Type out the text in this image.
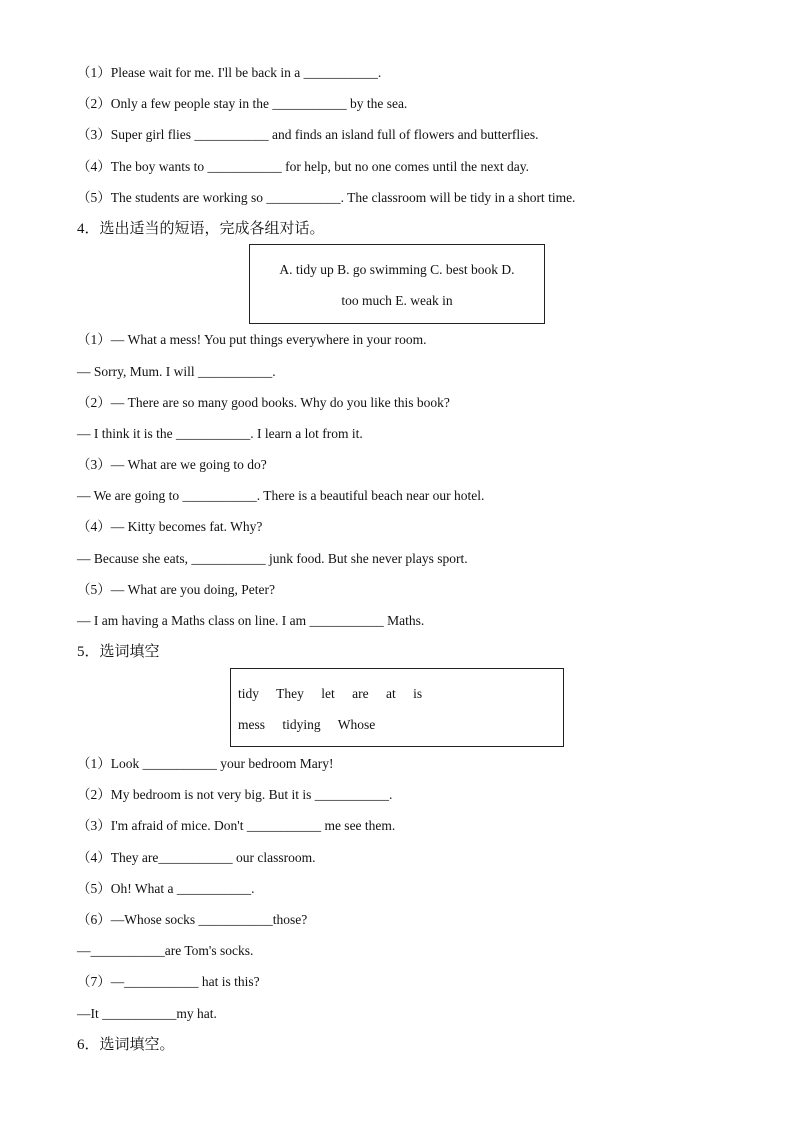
（1）Please wait for me. I'll be back in a ___________.
（2）Only a few people stay in the ___________ by the sea.
（3）Super girl flies ___________ and finds an island full of flowers and butterflies.
（4）The boy wants to ___________ for help, but no one comes until the next day.
（5）The students are working so ___________. The classroom will be tidy in a short time.
4．选出适当的短语，完成各组对话。
A. tidy up B. go swimming C. best book D.
too much E. weak in
（1）— What a mess! You put things everywhere in your room.
— Sorry, Mum. I will ___________.
（2）— There are so many good books. Why do you like this book?
— I think it is the ___________. I learn a lot from it.
（3）— What are we going to do?
— We are going to ___________. There is a beautiful beach near our hotel.
（4）— Kitty becomes fat. Why?
— Because she eats, ___________ junk food. But she never plays sport.
（5）— What are you doing, Peter?
— I am having a Maths class on line. I am ___________ Maths.
5．选词填空
tidy They let are at is
mess tidying Whose
（1）Look ___________ your bedroom Mary!
（2）My bedroom is not very big. But it is ___________.
（3）I'm afraid of mice. Don't ___________ me see them.
（4）They are___________ our classroom.
（5）Oh! What a ___________.
（6）—Whose socks ___________those?
—___________are Tom's socks.
（7）—___________ hat is this?
—It ___________my hat.
6．选词填空。
